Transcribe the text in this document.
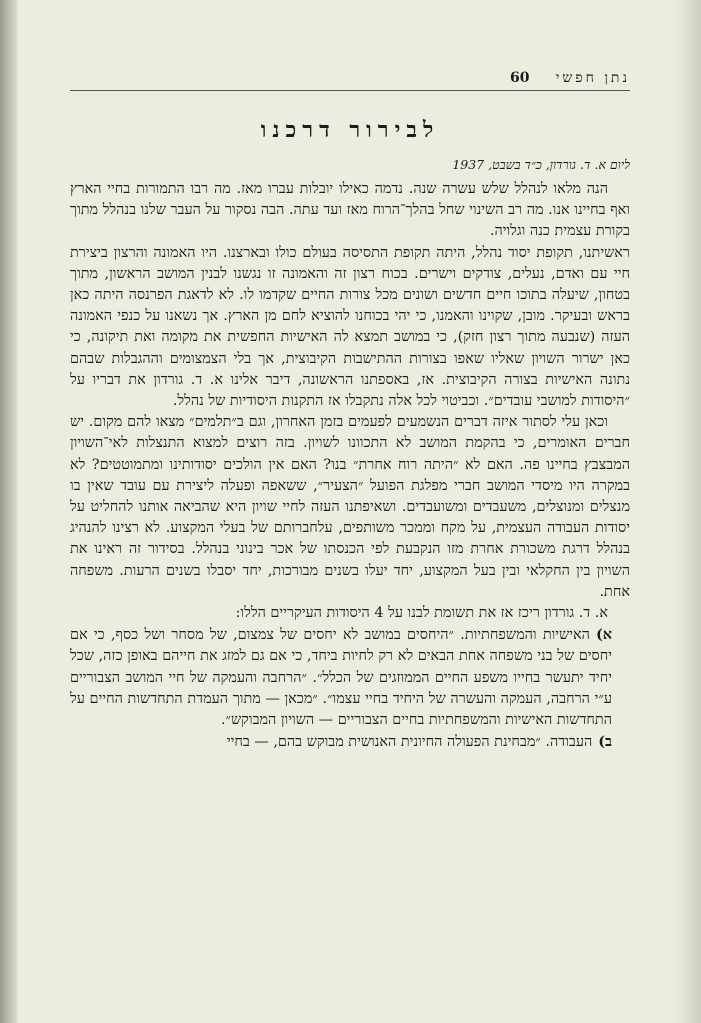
60 נתן חפשי
לבירור דרכנו
ליום א. ד. גורדון, כ״ד בשבט, 1937

הנה מלאו לנהלל שלש עשרה שנה. נדמה כאילו יובלות עברו מאז. מה רבו התמורות בחיי הארץ ואף בחיינו אנו. מה רב השינוי שחל בהלך־הרוח מאז ועד עתה. הבה נסקור על העבר שלנו בנהלל מתוך בקורת עצמית כנה וגלויה.

ראשיתנו, תקופת יסוד נהלל, היתה תקופת התסיסה בעולם כולו ובארצנו. היו האמונה והרצון ביצירת חיי עם ואדם, נעלים, צודקים וישרים. בכוח רצון זה והאמונה זו נגשנו לבנין המושב הראשון, מתוך בטחון, שיעלה בתוכו חיים חדשים ושונים מכל צורות החיים שקדמו לו. לא לדאגת הפרנסה היתה כאן בראש ובעיקר. מובן, שקוינו והאמנו, כי יהי בכוחנו להוציא לחם מן הארץ. אך נשאנו על כנפי האמונה העזה (שנבעה מתוך רצון חזק), כי במושב תמצא לה האישיות החפשית את מקומה ואת תיקונה, כי כאן ישרור השויון שאליו שאפו בצורות ההתישבות הקיבוצית, אך בלי הצמצומים וההגבלות שבהם נתונה האישיות בצורה הקיבוצית. אז, באספתנו הראשונה, דיבר אלינו א. ד. גורדון את דבריו על ״היסודות למושבי עובדים״. וכביטוי לכל אלה נתקבלו אז התקנות היסודיות של נהלל.

וכאן עלי לסתור איזה דברים הנשמעים לפעמים בזמן האחרון, וגם ב״תלמים״ מצאו להם מקום. יש חברים האומרים, כי בהקמת המושב לא התכוונו לשויון. בזה רוצים למצוא התנצלות לאי־השויון המבצבץ בחיינו פה. האם לא ״היתה רוח אחרת״ בנו? האם אין הולכים יסודותינו ומתמוטטים? לא במקרה היו מיסדי המושב חברי מפלגת הפועל ״הצעיר״, ששאפה ופעלה ליצירת עם עובד שאין בו מנצלים ומנוצלים, משעבדים ומשועבדים. ושאיפתנו העזה לחיי שויון היא שהביאה אותנו להחליט על יסודות העבודה העצמית, על מקח וממכר משותפים, עלחברותם של בעלי המקצוע. לא רצינו להנהיג בנהלל דרגת משכורת אחרת מזו הנקבעת לפי הכנסתו של אכר בינוני בנהלל. בסידור זה ראינו את השויון בין החקלאי ובין בעל המקצוע, יחד יעלו בשנים מבורכות, יחד יסבלו בשנים הרעות. משפחה אחת.

א. ד. גורדון ריכז אז את תשומת לבנו על 4 היסודות העיקריים הללו:

א)האישיות והמשפחתיות. ״היחסים במושב לא יחסים של צמצום, של מסחר ושל כסף, כי אם יחסים של בני משפחה אחת הבאים לא רק לחיות ביחד, כי אם גם למזג את חייהם באופן כזה, שכל יחיד יתעשר בחייו משפע החיים הממוזגים של הכלל״. ״הרחבה והעמקה של חיי המושב הצבוריים ע״י הרחבה, העמקה והעשרה של היחיד בחיי עצמו״. ״מכאן — מתוך העמדת התחדשות החיים על התחדשות האישיות והמשפחתיות בחיים הצבוריים — השויון המבוקש״.

ב)העבודה. ״מבחינת הפעולה החיונית האנושית מבוקש בהם, — בחיי
